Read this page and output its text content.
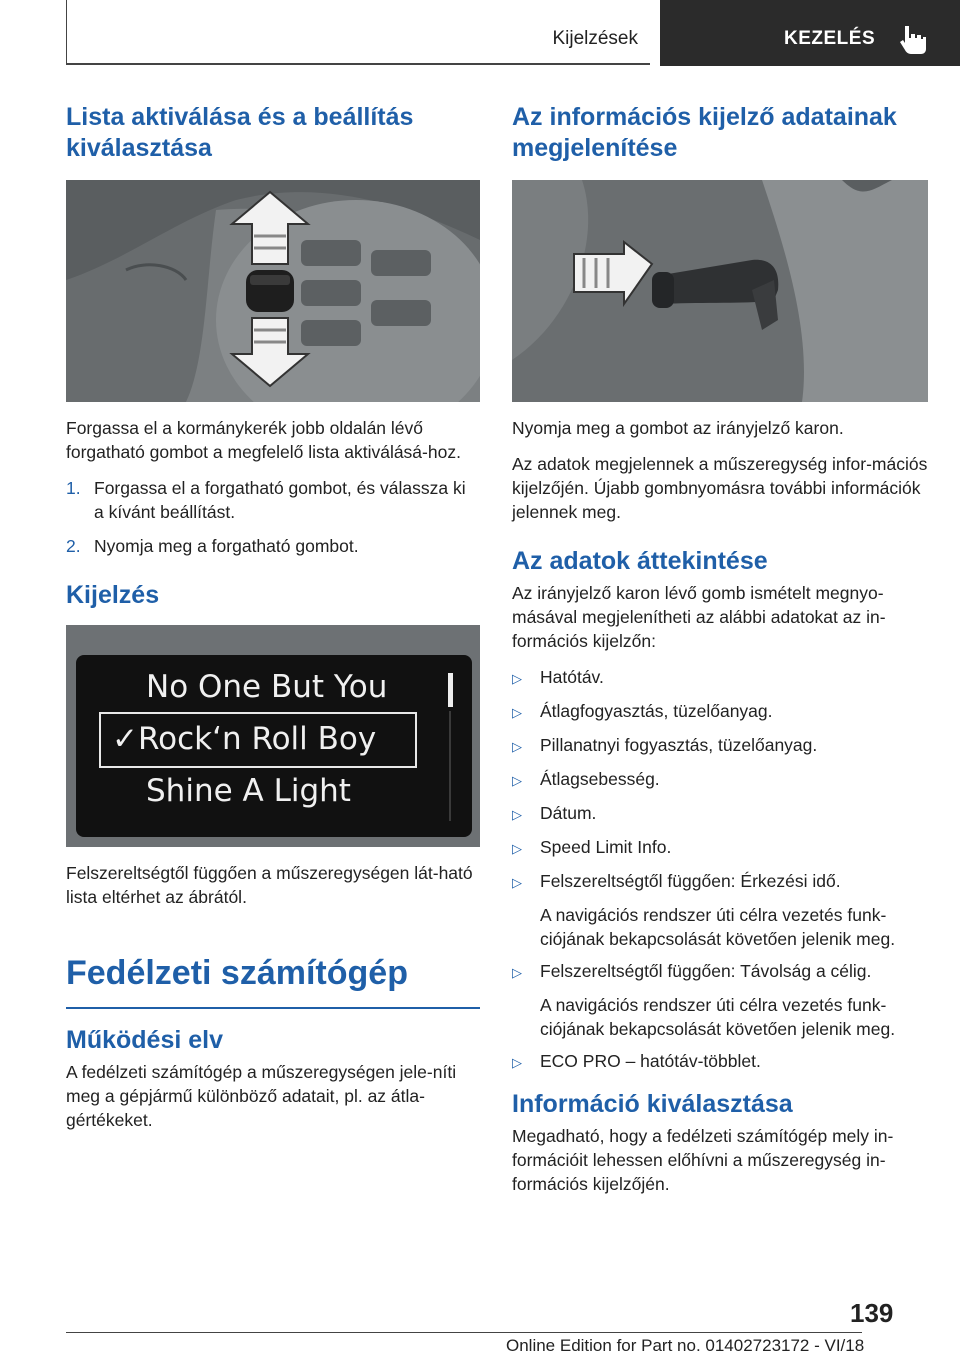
Kijelzések	KEZELÉS
Lista aktiválása és a beállítás kiválasztása

Forgassa el a kormánykerék jobb oldalán lévő forgatható gombot a megfelelő lista aktiválásá-hoz.

1. Forgassa el a forgatható gombot, és válassza ki a kívánt beállítást.
2. Nyomja meg a forgatható gombot.
Kijelzés
No One But You
✓Rock‘n Roll Boy
Shine A Light

Felszereltségtől függően a műszeregységen lát-ható lista eltérhet az ábrától.

Fedélzeti számítógép
Működési elv

A fedélzeti számítógép a műszeregységen jele-níti meg a gépjármű különböző adatait, pl. az átla-gértékeket.

Az információs kijelző adatainak megjelenítése

Nyomja meg a gombot az irányjelző karon.

Az adatok megjelennek a műszeregység infor-mációs kijelzőjén. Újabb gombnyomásra további információk jelennek meg.

Az adatok áttekintése

Az irányjelző karon lévő gomb ismételt megnyo-másával megjelenítheti az alábbi adatokat az in-formációs kijelzőn:

▷	Hatótáv.
▷	Átlagfogyasztás, tüzelőanyag.
▷	Pillanatnyi fogyasztás, tüzelőanyag.
▷	Átlagsebesség.
▷	Dátum.
▷	Speed Limit Info.
▷	Felszereltségtől függően: Érkezési idő.
A navigációs rendszer úti célra vezetés funk-ciójának bekapcsolását követően jelenik meg.
▷	Felszereltségtől függően: Távolság a célig.
A navigációs rendszer úti célra vezetés funk-ciójának bekapcsolását követően jelenik meg.
▷	ECO PRO – hatótáv-többlet.
Információ kiválasztása

Megadható, hogy a fedélzeti számítógép mely in-formációit lehessen előhívni a műszeregység in-formációs kijelzőjén.

139
Online Edition for Part no. 01402723172 - VI/18
